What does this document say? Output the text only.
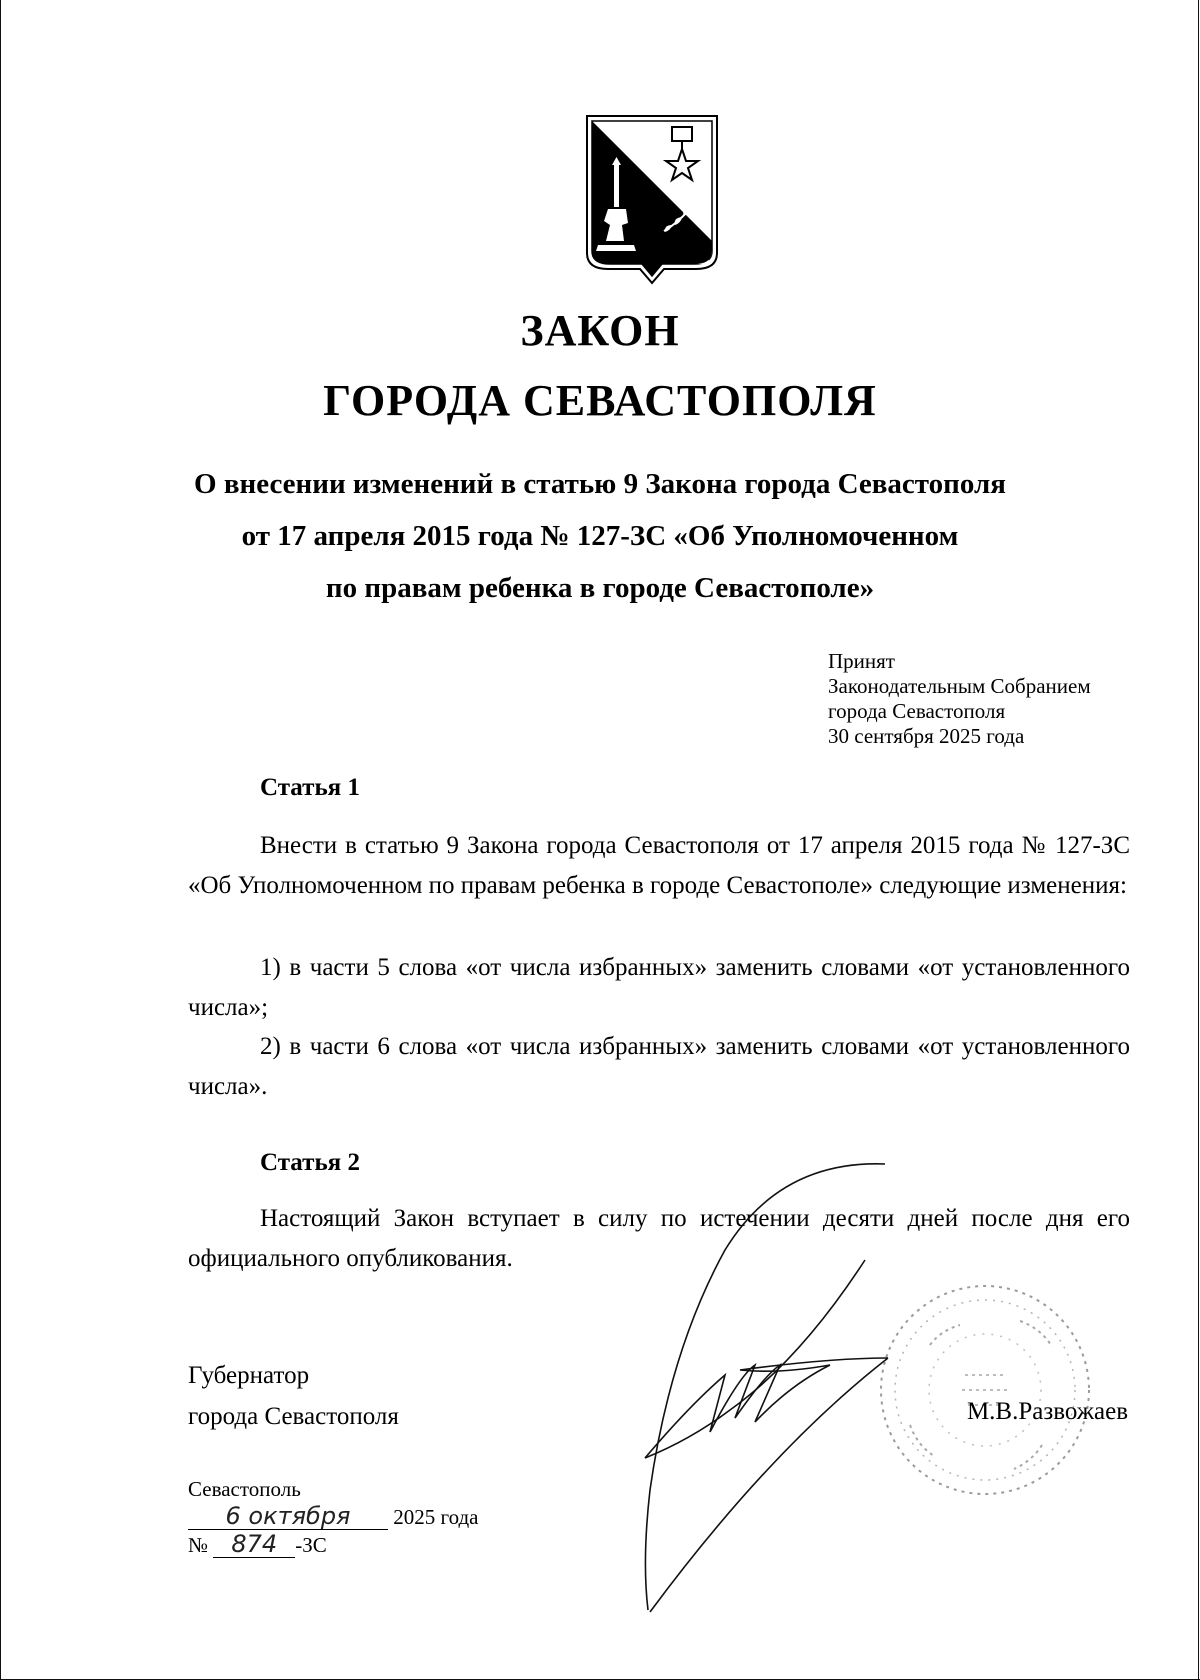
ЗАКОН
ГОРОДА СЕВАСТОПОЛЯ
О внесении изменений в статью 9 Закона города Севастополя
от 17 апреля 2015 года № 127-ЗС «Об Уполномоченном
по правам ребенка в городе Севастополе»
Принят
Законодательным Собранием
города Севастополя
30 сентября 2025 года
Статья 1
Внести в статью 9 Закона города Севастополя от 17 апреля 2015 года № 127-ЗС «Об Уполномоченном по правам ребенка в городе Севастополе» следующие изменения:
1) в части 5 слова «от числа избранных» заменить словами «от установленного числа»;
2) в части 6 слова «от числа избранных» заменить словами «от установленного числа».
Статья 2
Настоящий Закон вступает в силу по истечении десяти дней после дня его официального опубликования.
Губернатор
города Севастополя	М.В.Развожаев
Севастополь
6 октября 2025 года
№ 874 -ЗС
